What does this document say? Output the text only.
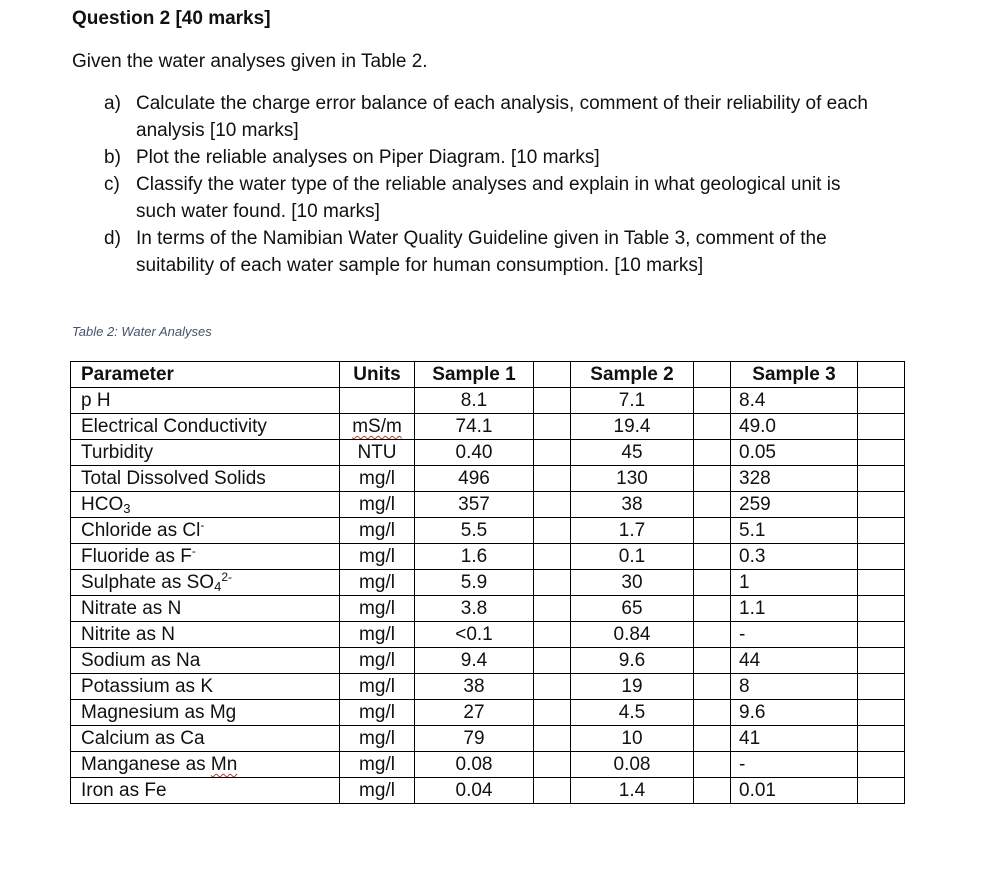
Question 2 [40 marks]
Given the water analyses given in Table 2.
a) Calculate the charge error balance of each analysis, comment of their reliability of each analysis [10 marks]
b) Plot the reliable analyses on Piper Diagram. [10 marks]
c) Classify the water type of the reliable analyses and explain in what geological unit is such water found. [10 marks]
d) In terms of the Namibian Water Quality Guideline given in Table 3, comment of the suitability of each water sample for human consumption. [10 marks]
Table 2: Water Analyses
Parameter	Units	Sample 1		Sample 2		Sample 3	
p H		8.1		7.1		8.4	
Electrical Conductivity	mS/m	74.1		19.4		49.0	
Turbidity	NTU	0.40		45		0.05	
Total Dissolved Solids	mg/l	496		130		328	
$HCO_3$	mg/l	357		38		259	
Chloride as Cl-	mg/l	5.5		1.7		5.1	
Fluoride as F-	mg/l	1.6		0.1		0.3	
Sulphate as $SO_4^{2-}$	mg/l	5.9		30		1	
Nitrate as N	mg/l	3.8		65		1.1	
Nitrite as N	mg/l	<0.1		0.84		-	
Sodium as Na	mg/l	9.4		9.6		44	
Potassium as K	mg/l	38		19		8	
Magnesium as Mg	mg/l	27		4.5		9.6	
Calcium as Ca	mg/l	79		10		41	
Manganese as Mn	mg/l	0.08		0.08		-	
Iron as Fe	mg/l	0.04		1.4		0.01	
